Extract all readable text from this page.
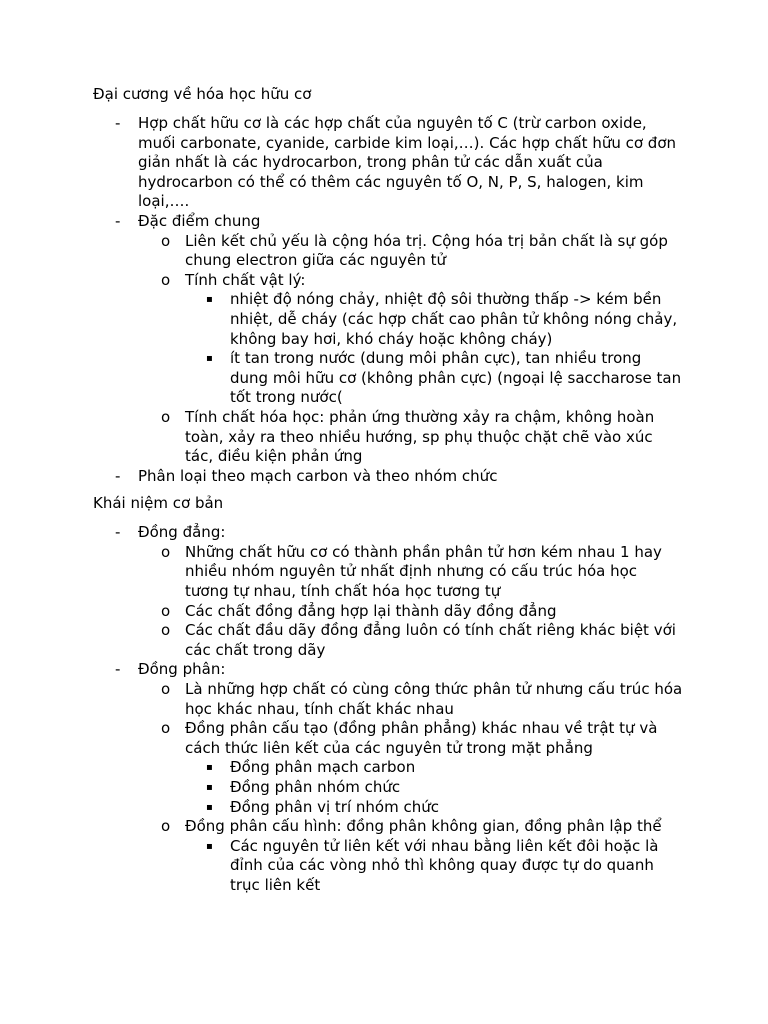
Đại cương về hóa học hữu cơ

- Hợp chất hữu cơ là các hợp chất của nguyên tố C (trừ carbon oxide, muối carbonate, cyanide, carbide kim loại,…). Các hợp chất hữu cơ đơn giản nhất là các hydrocarbon, trong phân tử các dẫn xuất của hydrocarbon có thể có thêm các nguyên tố O, N, P, S, halogen, kim loại,….
- Đặc điểm chung
o Liên kết chủ yếu là cộng hóa trị. Cộng hóa trị bản chất là sự góp chung electron giữa các nguyên tử
o Tính chất vật lý:
▪ nhiệt độ nóng chảy, nhiệt độ sôi thường thấp -> kém bền nhiệt, dễ cháy (các hợp chất cao phân tử không nóng chảy, không bay hơi, khó cháy hoặc không cháy)
▪ ít tan trong nước (dung môi phân cực), tan nhiều trong dung môi hữu cơ (không phân cực) (ngoại lệ saccharose tan tốt trong nước(
o Tính chất hóa học: phản ứng thường xảy ra chậm, không hoàn toàn, xảy ra theo nhiều hướng, sp phụ thuộc chặt chẽ vào xúc tác, điều kiện phản ứng
- Phân loại theo mạch carbon và theo nhóm chức

Khái niệm cơ bản

- Đồng đẳng:
o Những chất hữu cơ có thành phần phân tử hơn kém nhau 1 hay nhiều nhóm nguyên tử nhất định nhưng có cấu trúc hóa học tương tự nhau, tính chất hóa học tương tự
o Các chất đồng đẳng hợp lại thành dãy đồng đẳng
o Các chất đầu dãy đồng đẳng luôn có tính chất riêng khác biệt với các chất trong dãy
- Đồng phân:
o Là những hợp chất có cùng công thức phân tử nhưng cấu trúc hóa học khác nhau, tính chất khác nhau
o Đồng phân cấu tạo (đồng phân phẳng) khác nhau về trật tự và cách thức liên kết của các nguyên tử trong mặt phẳng
▪ Đồng phân mạch carbon
▪ Đồng phân nhóm chức
▪ Đồng phân vị trí nhóm chức
o Đồng phân cấu hình: đồng phân không gian, đồng phân lập thể
▪ Các nguyên tử liên kết với nhau bằng liên kết đôi hoặc là đỉnh của các vòng nhỏ thì không quay được tự do quanh trục liên kết
